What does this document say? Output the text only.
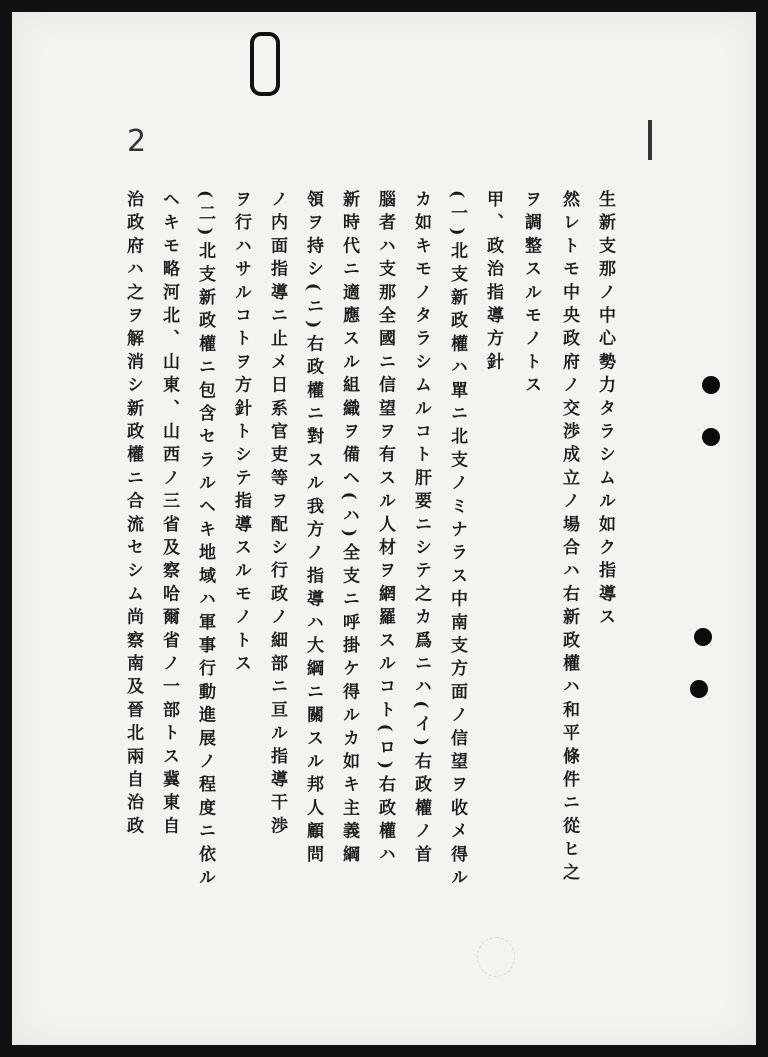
2
生新支那ノ中心勢力タラシムル如ク指導ス
然レトモ中央政府ノ交渉成立ノ場合ハ右新政權ハ和平條件ニ從ヒ之
ヲ調整スルモノトス
甲、政治指導方針
(一)北支新政權ハ單ニ北支ノミナラス中南支方面ノ信望ヲ收メ得ル
カ如キモノタラシムルコト肝要ニシテ之カ爲ニハ(イ)右政權ノ首
腦者ハ支那全國ニ信望ヲ有スル人材ヲ網羅スルコト(ロ)右政權ハ
新時代ニ適應スル組織ヲ備ヘ(ハ)全支ニ呼掛ケ得ルカ如キ主義綱
領ヲ持シ(ニ)右政權ニ對スル我方ノ指導ハ大綱ニ關スル邦人顧問
ノ内面指導ニ止メ日系官吏等ヲ配シ行政ノ細部ニ亘ル指導干渉
ヲ行ハサルコトヲ方針トシテ指導スルモノトス
(二)北支新政權ニ包含セラルヘキ地域ハ軍事行動進展ノ程度ニ依ル
ヘキモ略河北、山東、山西ノ三省及察哈爾省ノ一部トス冀東自
治政府ハ之ヲ解消シ新政權ニ合流セシム尚察南及晉北兩自治政
